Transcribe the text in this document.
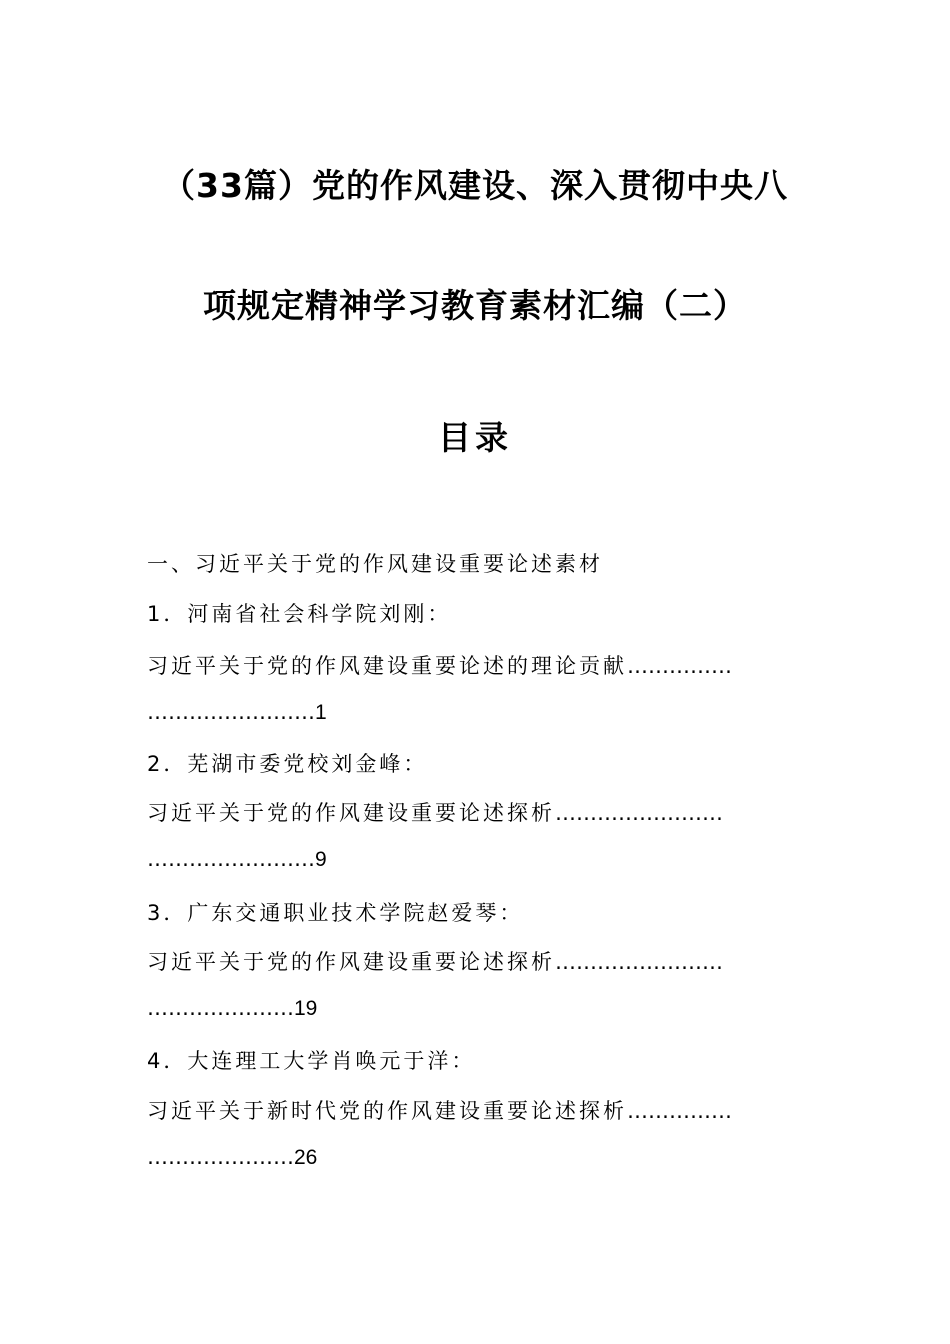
（33篇）党的作风建设、深入贯彻中央八
项规定精神学习教育素材汇编（二）
目录
一、习近平关于党的作风建设重要论述素材
1．河南省社会科学院刘刚：
习近平关于党的作风建设重要论述的理论贡献……………
……………………1
2．芜湖市委党校刘金峰：
习近平关于党的作风建设重要论述探析……………………
……………………9
3．广东交通职业技术学院赵爱琴：
习近平关于党的作风建设重要论述探析……………………
…………………19
4．大连理工大学肖唤元于洋：
习近平关于新时代党的作风建设重要论述探析……………
…………………26
